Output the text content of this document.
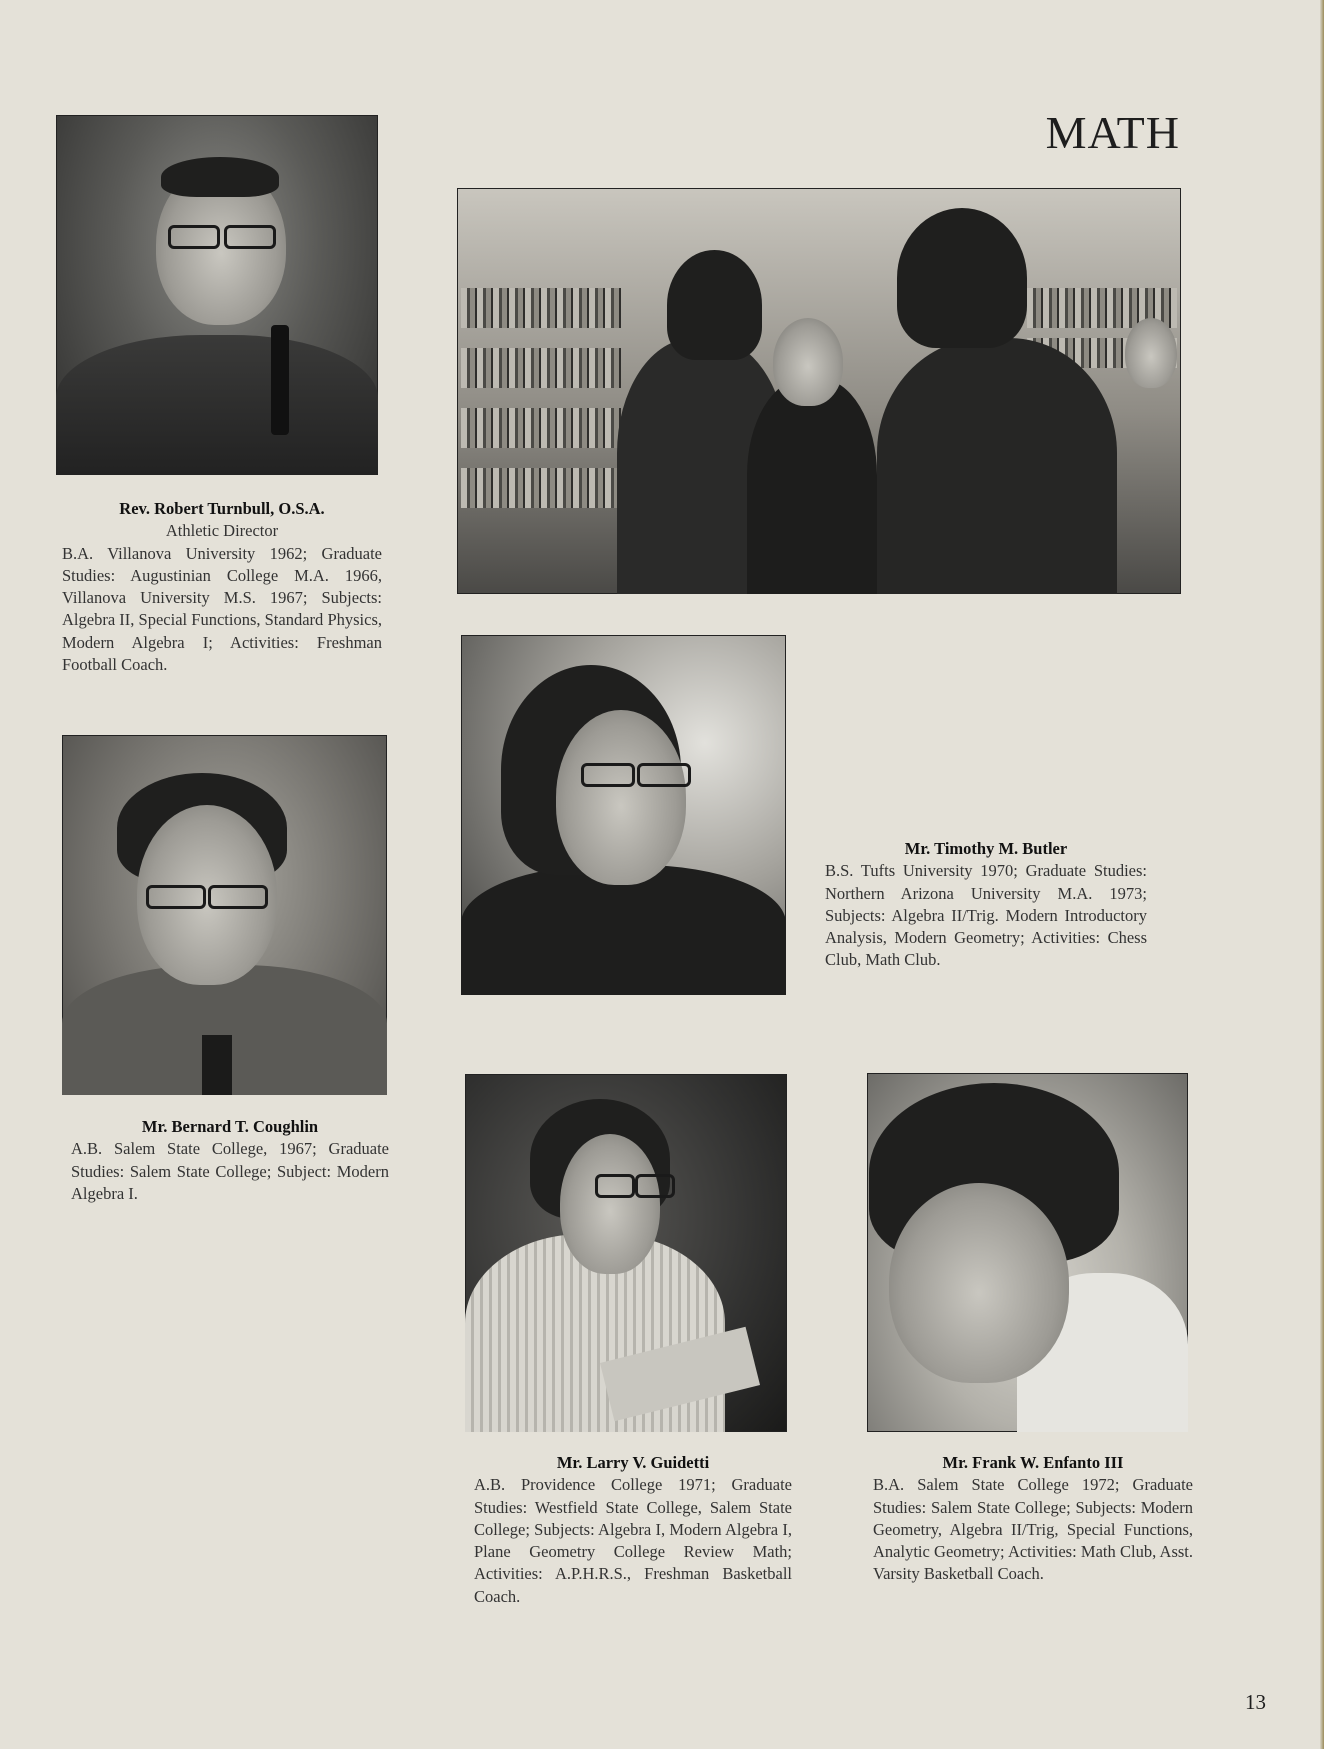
MATH
Rev. Robert Turnbull, O.S.A.
Athletic Director
B.A. Villanova University 1962; Graduate Studies: Augustinian College M.A. 1966, Villanova University M.S. 1967; Subjects: Algebra II, Special Functions, Standard Physics, Modern Algebra I; Activities: Freshman Football Coach.
Mr. Timothy M. Butler
B.S. Tufts University 1970; Graduate Studies: Northern Arizona University M.A. 1973; Subjects: Algebra II/Trig. Modern Introductory Analysis, Modern Geometry; Activities: Chess Club, Math Club.
Mr. Bernard T. Coughlin
A.B. Salem State College, 1967; Graduate Studies: Salem State College; Subject: Modern Algebra I.
Mr. Larry V. Guidetti
A.B. Providence College 1971; Graduate Studies: Westfield State College, Salem State College; Subjects: Algebra I, Modern Algebra I, Plane Geometry College Review Math; Activities: A.P.H.R.S., Freshman Basketball Coach.
Mr. Frank W. Enfanto III
B.A. Salem State College 1972; Graduate Studies: Salem State College; Subjects: Modern Geometry, Algebra II/Trig, Special Functions, Analytic Geometry; Activities: Math Club, Asst. Varsity Basketball Coach.
13
